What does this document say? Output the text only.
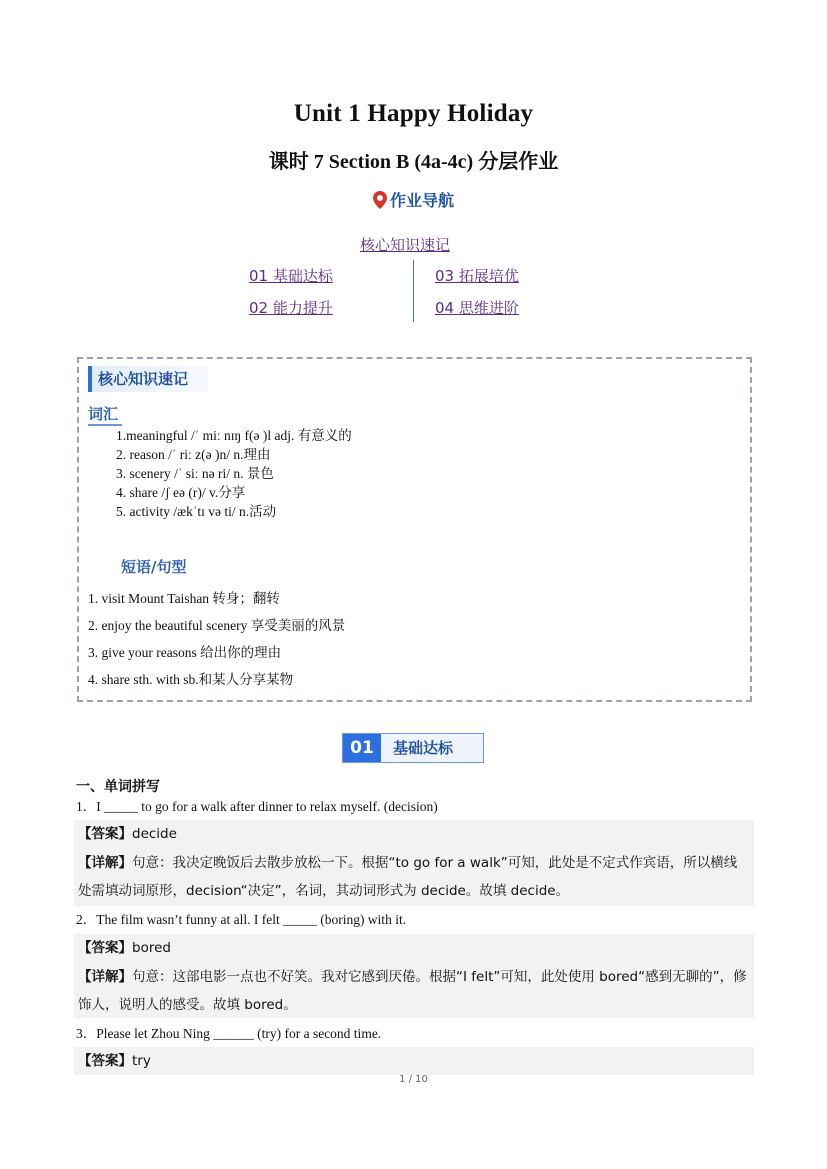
Unit 1 Happy Holiday
课时 7 Section B (4a-4c) 分层作业
作业导航
核心知识速记
01 基础达标	03 拓展培优
02 能力提升	04 思维进阶
核心知识速记
词汇
1.meaningful /ˈ miː nɪŋ f(ə )l adj. 有意义的
2. reason /ˈ riː z(ə )n/ n.理由
3. scenery /ˈ siː nə ri/ n. 景色
4. share /ʃ eə (r)/ v.分享
5. activity /ækˈtɪ və ti/ n.活动
短语/句型
1. visit Mount Taishan 转身；翻转
2. enjoy the beautiful scenery 享受美丽的风景
3. give your reasons 给出你的理由
4. share sth. with sb.和某人分享某物
01	基础达标
一、单词拼写
1．I _____ to go for a walk after dinner to relax myself. (decision)
【答案】decide
【详解】句意：我决定晚饭后去散步放松一下。根据“to go for a walk”可知，此处是不定式作宾语，所以横线处需填动词原形，decision“决定”，名词，其动词形式为 decide。故填 decide。
2．The film wasn’t funny at all. I felt _____ (boring) with it.
【答案】bored
【详解】句意：这部电影一点也不好笑。我对它感到厌倦。根据“I felt”可知，此处使用 bored“感到无聊的”，修饰人，说明人的感受。故填 bored。
3．Please let Zhou Ning ______ (try) for a second time.
【答案】try
1 / 10
